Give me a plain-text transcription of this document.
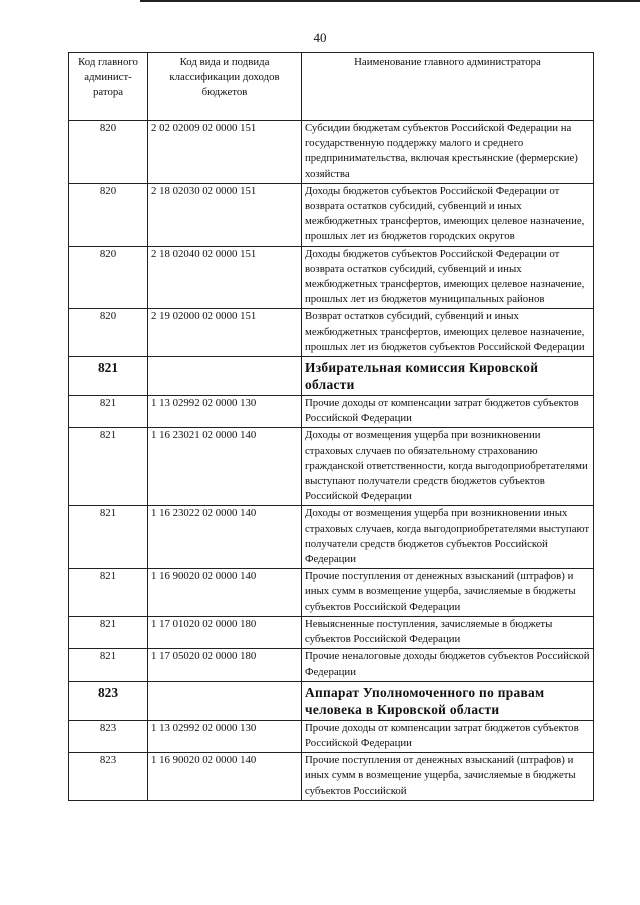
40
Код главного админист-ратора	Код вида и подвида классификации доходов бюджетов	Наименование главного администратора
820	2 02 02009 02 0000 151	Субсидии бюджетам субъектов Российской Федерации на государственную поддержку малого и среднего предпринимательства, включая крестьянские (фермерские) хозяйства
820	2 18 02030 02 0000 151	Доходы бюджетов субъектов Российской Федерации от возврата остатков субсидий, субвенций и иных межбюджетных трансфертов, имеющих целевое назначение, прошлых лет из бюджетов городских округов
820	2 18 02040 02 0000 151	Доходы бюджетов субъектов Российской Федерации от возврата остатков субсидий, субвенций и иных межбюджетных трансфертов, имеющих целевое назначение, прошлых лет из бюджетов муниципальных районов
820	2 19 02000 02 0000 151	Возврат остатков субсидий, субвенций и иных межбюджетных трансфертов, имеющих целевое назначение, прошлых лет из бюджетов субъектов Российской Федерации
821		Избирательная комиссия Кировской области
821	1 13 02992 02 0000 130	Прочие доходы от компенсации затрат бюджетов субъектов Российской Федерации
821	1 16 23021 02 0000 140	Доходы от возмещения ущерба при возникновении страховых случаев по обязательному страхованию гражданской ответственности, когда выгодоприобретателями выступают получатели средств бюджетов субъектов Российской Федерации
821	1 16 23022 02 0000 140	Доходы от возмещения ущерба при возникновении иных страховых случаев, когда выгодоприобретателями выступают получатели средств бюджетов субъектов Российской Федерации
821	1 16 90020 02 0000 140	Прочие поступления от денежных взысканий (штрафов) и иных сумм в возмещение ущерба, зачисляемые в бюджеты субъектов Российской Федерации
821	1 17 01020 02 0000 180	Невыясненные поступления, зачисляемые в бюджеты субъектов Российской Федерации
821	1 17 05020 02 0000 180	Прочие неналоговые доходы бюджетов субъектов Российской Федерации
823		Аппарат Уполномоченного по правам человека в Кировской области
823	1 13 02992 02 0000 130	Прочие доходы от компенсации затрат бюджетов субъектов Российской Федерации
823	1 16 90020 02 0000 140	Прочие поступления от денежных взысканий (штрафов) и иных сумм в возмещение ущерба, зачисляемые в бюджеты субъектов Российской
